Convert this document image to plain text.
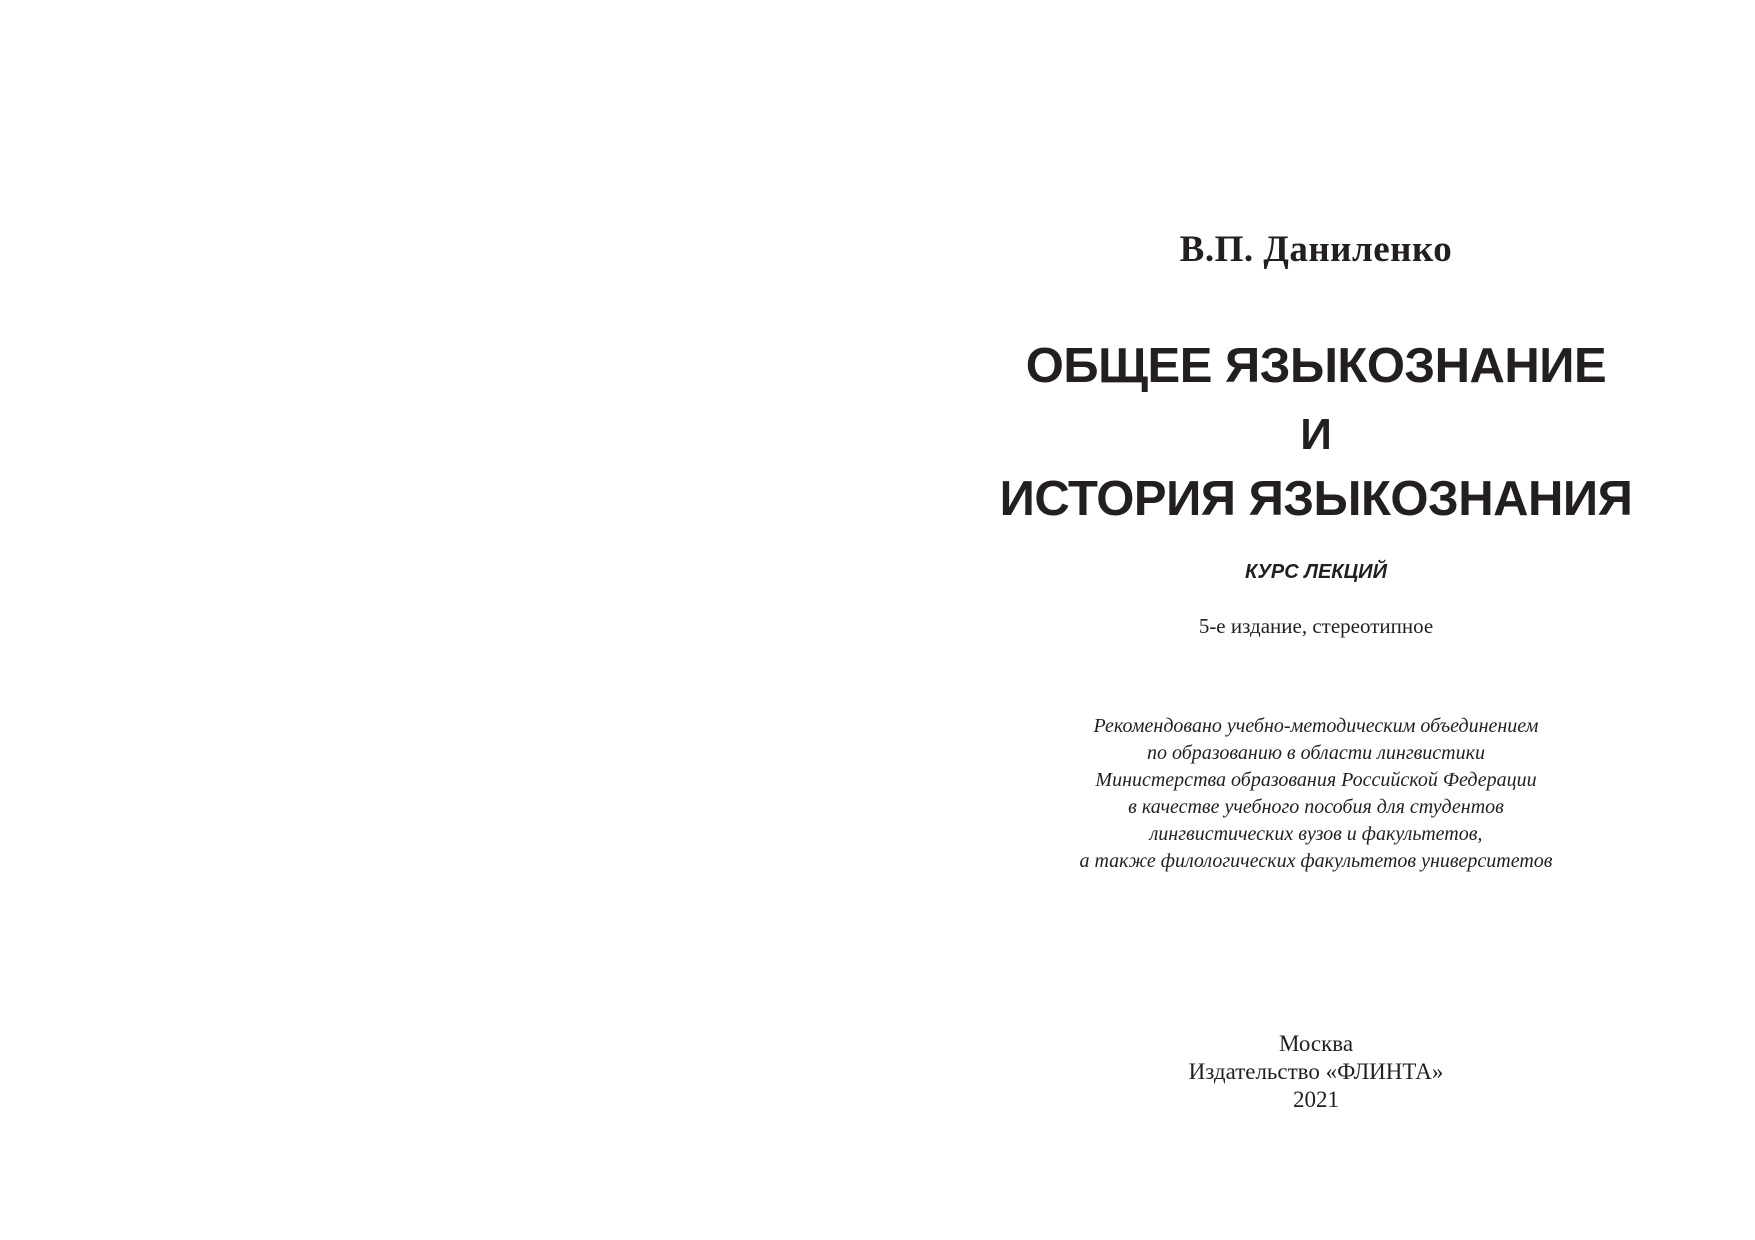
В.П. Даниленко
ОБЩЕЕ ЯЗЫКОЗНАНИЕ
И
ИСТОРИЯ ЯЗЫКОЗНАНИЯ
КУРС ЛЕКЦИЙ
5-е издание, стереотипное
Рекомендовано учебно-методическим объединением
по образованию в области лингвистики
Министерства образования Российской Федерации
в качестве учебного пособия для студентов
лингвистических вузов и факультетов,
а также филологических факультетов университетов
Москва
Издательство «ФЛИНТА»
2021
